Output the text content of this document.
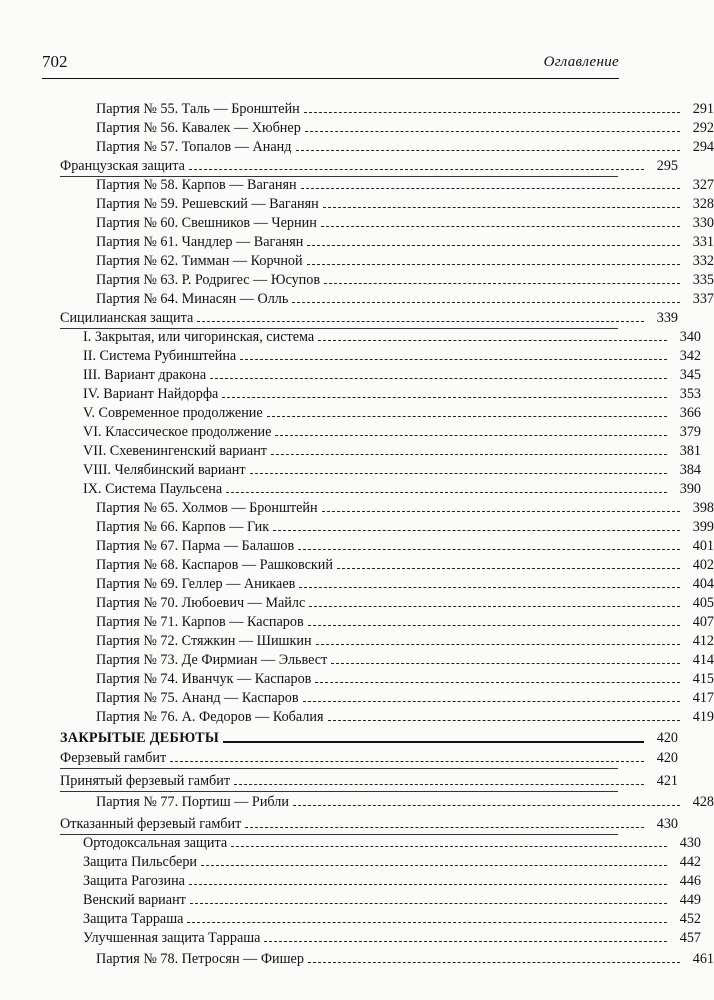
702	Оглавление
Партия № 55. Таль — Бронштейн	291
Партия № 56. Кавалек — Хюбнер	292
Партия № 57. Топалов — Ананд	294
Французская защита	295
Партия № 58. Карпов — Ваганян	327
Партия № 59. Решевский — Ваганян	328
Партия № 60. Свешников — Чернин	330
Партия № 61. Чандлер — Ваганян	331
Партия № 62. Тимман — Корчной	332
Партия № 63. Р. Родригес — Юсупов	335
Партия № 64. Минасян — Олль	337
Сицилианская защита	339
I. Закрытая, или чигоринская, система	340
II. Система Рубинштейна	342
III. Вариант дракона	345
IV. Вариант Найдорфа	353
V. Современное продолжение	366
VI. Классическое продолжение	379
VII. Схевенингенский вариант	381
VIII. Челябинский вариант	384
IX. Система Паульсена	390
Партия № 65. Холмов — Бронштейн	398
Партия № 66. Карпов — Гик	399
Партия № 67. Парма — Балашов	401
Партия № 68. Каспаров — Рашковский	402
Партия № 69. Геллер — Аникаев	404
Партия № 70. Любоевич — Майлс	405
Партия № 71. Карпов — Каспаров	407
Партия № 72. Стяжкин — Шишкин	412
Партия № 73. Де Фирмиан — Эльвест	414
Партия № 74. Иванчук — Каспаров	415
Партия № 75. Ананд — Каспаров	417
Партия № 76. А. Федоров — Кобалия	419
ЗАКРЫТЫЕ ДЕБЮТЫ	420
Ферзевый гамбит	420
Принятый ферзевый гамбит	421
Партия № 77. Портиш — Рибли	428
Отказанный ферзевый гамбит	430
Ортодоксальная защита	430
Защита Пильсбери	442
Защита Рагозина	446
Венский вариант	449
Защита Тарраша	452
Улучшенная защита Тарраша	457
Партия № 78. Петросян — Фишер	461
